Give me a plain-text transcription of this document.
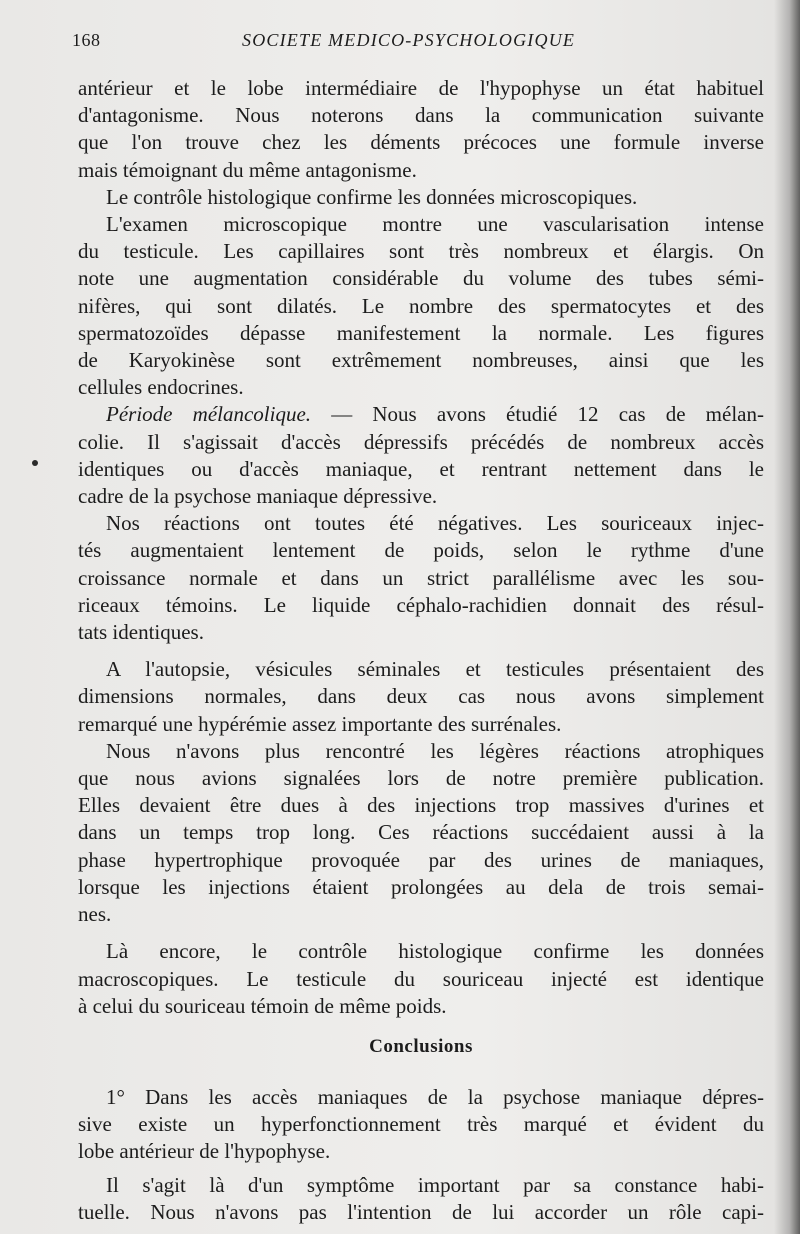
168	SOCIETE MEDICO-PSYCHOLOGIQUE
antérieur et le lobe intermédiaire de l'hypophyse un état habituel
d'antagonisme. Nous noterons dans la communication suivante
que l'on trouve chez les déments précoces une formule inverse
mais témoignant du même antagonisme.
Le contrôle histologique confirme les données microscopiques.
L'examen microscopique montre une vascularisation intense
du testicule. Les capillaires sont très nombreux et élargis. On
note une augmentation considérable du volume des tubes sémi-
nifères, qui sont dilatés. Le nombre des spermatocytes et des
spermatozoïdes dépasse manifestement la normale. Les figures
de Karyokinèse sont extrêmement nombreuses, ainsi que les
cellules endocrines.
Période mélancolique. — Nous avons étudié 12 cas de mélan-
colie. Il s'agissait d'accès dépressifs précédés de nombreux accès
identiques ou d'accès maniaque, et rentrant nettement dans le
cadre de la psychose maniaque dépressive.
Nos réactions ont toutes été négatives. Les souriceaux injec-
tés augmentaient lentement de poids, selon le rythme d'une
croissance normale et dans un strict parallélisme avec les sou-
riceaux témoins. Le liquide céphalo-rachidien donnait des résul-
tats identiques.
A l'autopsie, vésicules séminales et testicules présentaient des
dimensions normales, dans deux cas nous avons simplement
remarqué une hypérémie assez importante des surrénales.
Nous n'avons plus rencontré les légères réactions atrophiques
que nous avions signalées lors de notre première publication.
Elles devaient être dues à des injections trop massives d'urines et
dans un temps trop long. Ces réactions succédaient aussi à la
phase hypertrophique provoquée par des urines de maniaques,
lorsque les injections étaient prolongées au dela de trois semai-
nes.
Là encore, le contrôle histologique confirme les données
macroscopiques. Le testicule du souriceau injecté est identique
à celui du souriceau témoin de même poids.
Conclusions
1° Dans les accès maniaques de la psychose maniaque dépres-
sive existe un hyperfonctionnement très marqué et évident du
lobe antérieur de l'hypophyse.
Il s'agit là d'un symptôme important par sa constance habi-
tuelle. Nous n'avons pas l'intention de lui accorder un rôle capi-
